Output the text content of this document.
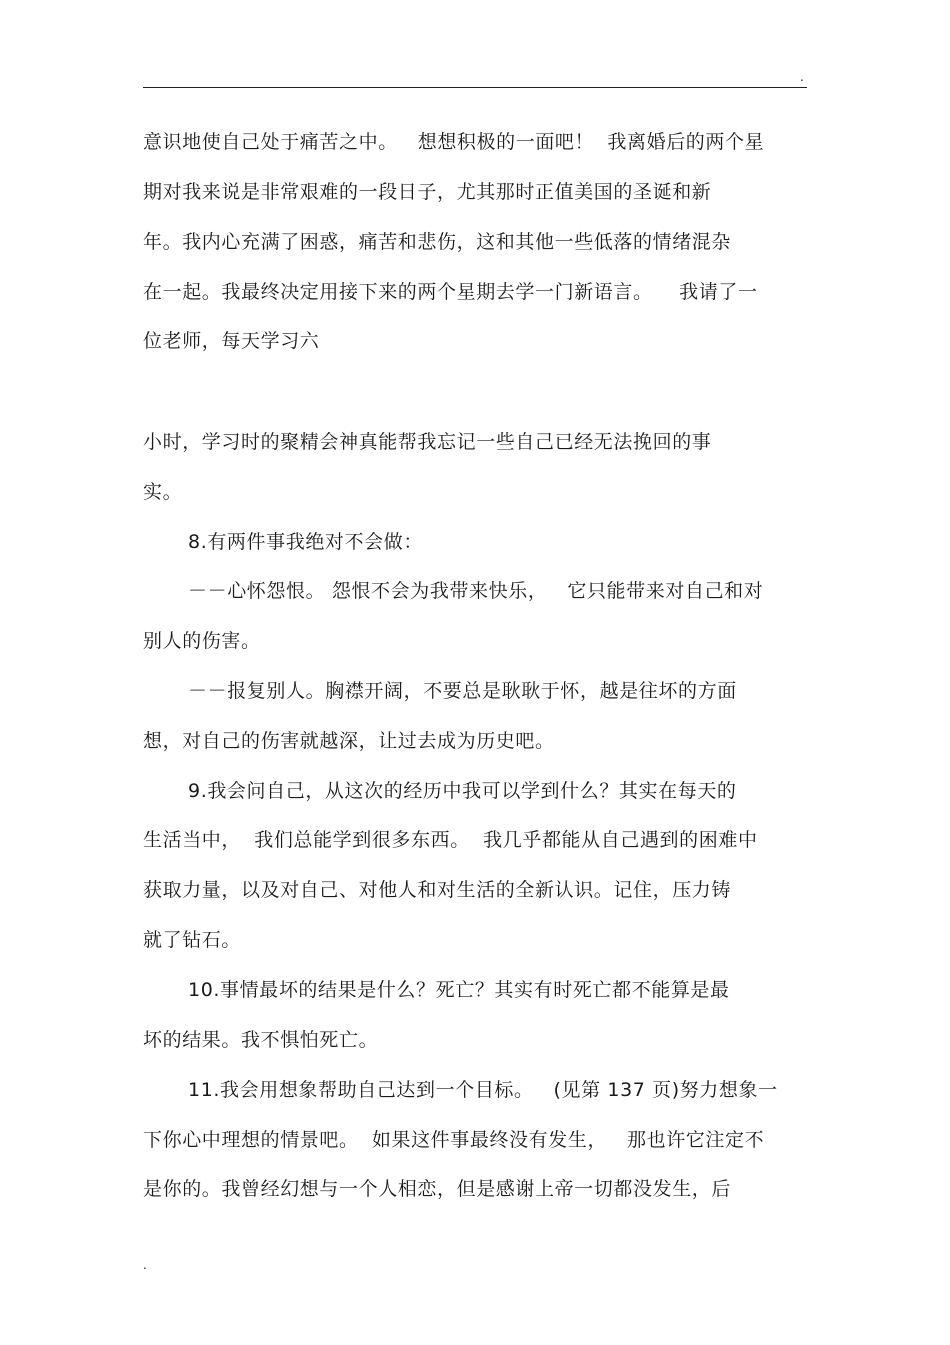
.
意识地使自己处于痛苦之中。   想想积极的一面吧！  我离婚后的两个星
期对我来说是非常艰难的一段日子，尤其那时正值美国的圣诞和新
年。我内心充满了困惑，痛苦和悲伤，这和其他一些低落的情绪混杂
在一起。我最终决定用接下来的两个星期去学一门新语言。    我请了一
位老师，每天学习六
小时，学习时的聚精会神真能帮我忘记一些自己已经无法挽回的事
实。
8.有两件事我绝对不会做：
－－心怀怨恨。 怨恨不会为我带来快乐，   它只能带来对自己和对
别人的伤害。
－－报复别人。胸襟开阔，不要总是耿耿于怀，越是往坏的方面
想，对自己的伤害就越深，让过去成为历史吧。
9.我会问自己，从这次的经历中我可以学到什么？其实在每天的
生活当中，  我们总能学到很多东西。  我几乎都能从自己遇到的困难中
获取力量，以及对自己、对他人和对生活的全新认识。记住，压力铸
就了钻石。
10.事情最坏的结果是什么？死亡？其实有时死亡都不能算是最
坏的结果。我不惧怕死亡。
11.我会用想象帮助自己达到一个目标。   (见第 137 页)努力想象一
下你心中理想的情景吧。  如果这件事最终没有发生，   那也许它注定不
是你的。我曾经幻想与一个人相恋，但是感谢上帝一切都没发生，后
.
